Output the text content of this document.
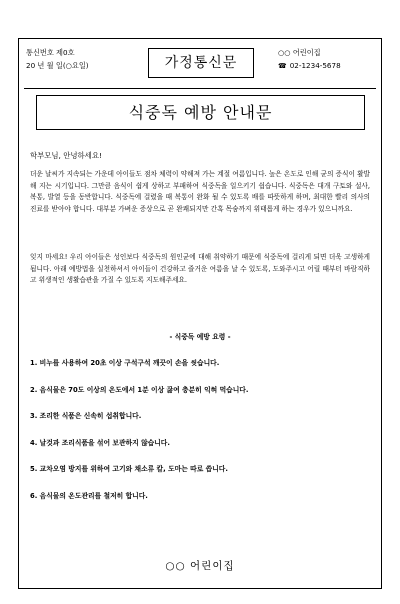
통신번호 제0호
20 년 월 일(○요일)	가정통신문
○○ 어린이집
☎ 02-1234-5678
식중독 예방 안내문
학부모님, 안녕하세요!
더운 날씨가 지속되는 가운데 아이들도 점차 체력이 약해져 가는 계절 여름입니다. 높은 온도로 인해 균의 증식이 활발해 지는 시기입니다. 그만큼 음식이 쉽게 상하고 부패하여 식중독을 일으키기 쉽습니다. 식중독은 대개 구토와 설사, 복통, 발열 등을 동반합니다. 식중독에 걸렸을 때 복통이 완화 될 수 있도록 배를 따뜻하게 하며, 최대한 빨리 의사의 진료를 받아야 합니다. 대부분 가벼운 증상으로 곧 완쾌되지만 간혹 목숨까지 위태롭게 하는 경우가 있으니까요.
잊지 마세요! 우리 아이들은 성인보다 식중독의 원인균에 대해 취약하기 때문에 식중독에 걸리게 되면 더욱 고생하게 됩니다. 아래 예방법을 실천하셔서 아이들이 건강하고 즐거운 여름을 날 수 있도록, 도와주시고 어릴 때부터 바람직하고 위생적인 생활습관을 가질 수 있도록 지도해주세요.
- 식중독 예방 요령 -
1. 비누를 사용하여 20초 이상 구석구석 깨끗이 손을 씻습니다.
2. 음식물은 70도 이상의 온도에서 1분 이상 끓여 충분히 익혀 먹습니다.
3. 조리한 식품은 신속히 섭취합니다.
4. 날것과 조리식품을 섞어 보관하지 않습니다.
5. 교차오염 방지를 위하여 고기와 채소류 칼, 도마는 따로 씁니다.
6. 음식물의 온도관리를 철저히 합니다.
○○ 어린이집
